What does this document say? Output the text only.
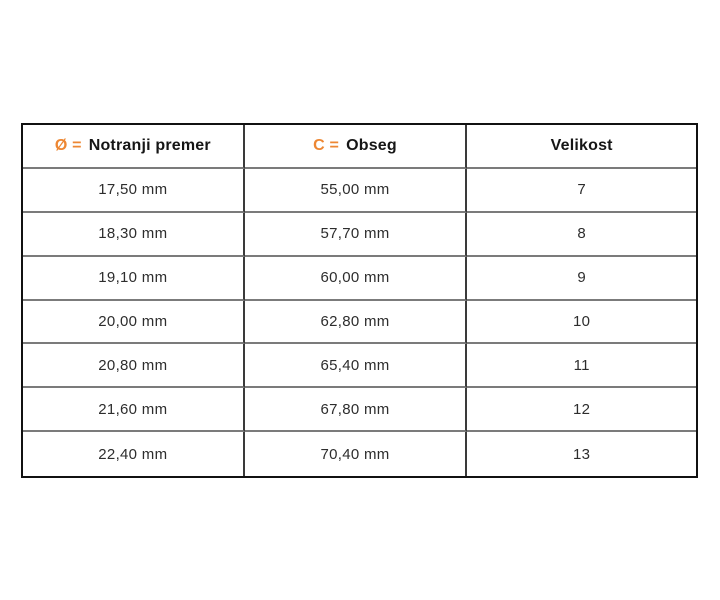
Ø = Notranji premer	C = Obseg	Velikost
17,50 mm	55,00 mm	7
18,30 mm	57,70 mm	8
19,10 mm	60,00 mm	9
20,00 mm	62,80 mm	10
20,80 mm	65,40 mm	11
21,60 mm	67,80 mm	12
22,40 mm	70,40 mm	13
